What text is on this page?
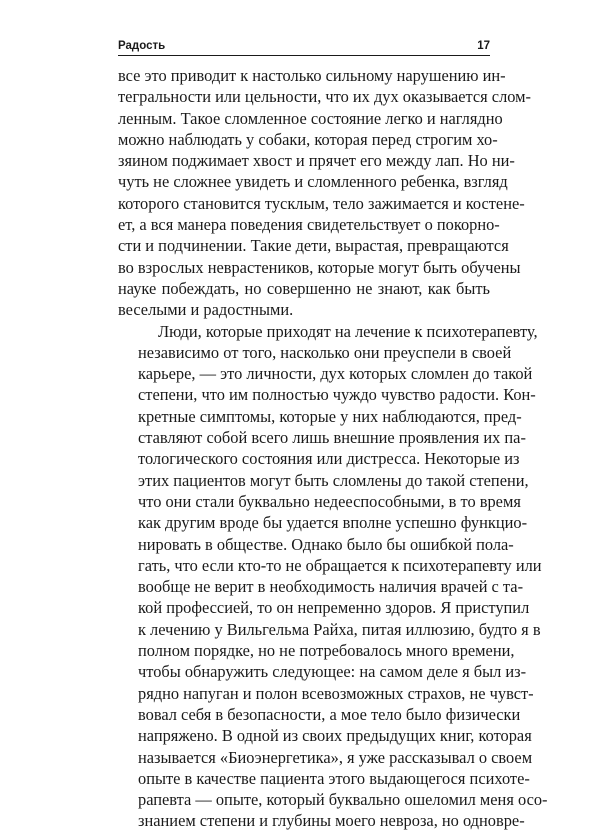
Радость	17

все это приводит к настолько сильному нарушению ин-
тегральности или цельности, что их дух оказывается слом-
ленным. Такое сломленное состояние легко и наглядно
можно наблюдать у собаки, которая перед строгим хо-
зяином поджимает хвост и прячет его между лап. Но ни-
чуть не сложнее увидеть и сломленного ребенка, взгляд
которого становится тусклым, тело зажимается и костене-
ет, а вся манера поведения свидетельствует о покорно-
сти и подчинении. Такие дети, вырастая, превращаются
во взрослых неврастеников, которые могут быть обучены
науке побеждать, но совершенно не знают, как быть
веселыми и радостными.

Люди, которые приходят на лечение к психотерапевту,
независимо от того, насколько они преуспели в своей
карьере, — это личности, дух которых сломлен до такой
степени, что им полностью чуждо чувство радости. Кон-
кретные симптомы, которые у них наблюдаются, пред-
ставляют собой всего лишь внешние проявления их па-
тологического состояния или дистресса. Некоторые из
этих пациентов могут быть сломлены до такой степени,
что они стали буквально недееспособными, в то время
как другим вроде бы удается вполне успешно функцио-
нировать в обществе. Однако было бы ошибкой пола-
гать, что если кто-то не обращается к психотерапевту или
вообще не верит в необходимость наличия врачей с та-
кой профессией, то он непременно здоров. Я приступил
к лечению у Вильгельма Райха, питая иллюзию, будто я в
полном порядке, но не потребовалось много времени,
чтобы обнаружить следующее: на самом деле я был из-
рядно напуган и полон всевозможных страхов, не чувст-
вовал себя в безопасности, а мое тело было физически
напряжено. В одной из своих предыдущих книг, которая
называется «Биоэнергетика», я уже рассказывал о своем
опыте в качестве пациента этого выдающегося психоте-
рапевта — опыте, который буквально ошеломил меня осо-
знанием степени и глубины моего невроза, но одновре-
